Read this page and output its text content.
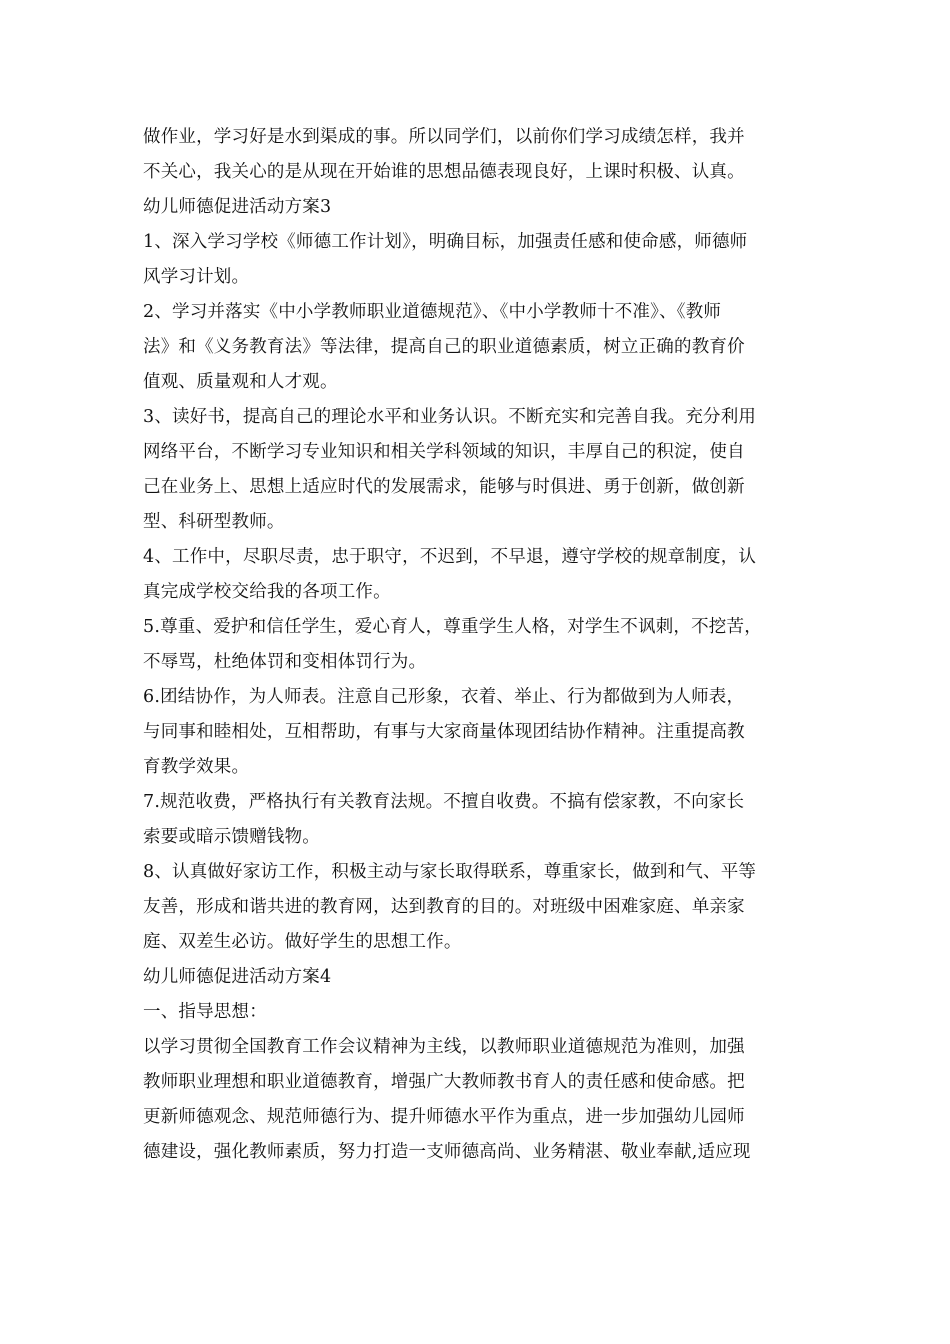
做作业，学习好是水到渠成的事。所以同学们，以前你们学习成绩怎样，我并
不关心，我关心的是从现在开始谁的思想品德表现良好，上课时积极、认真。
幼儿师德促进活动方案3
1、深入学习学校《师德工作计划》，明确目标，加强责任感和使命感，师德师
风学习计划。
2、学习并落实《中小学教师职业道德规范》、《中小学教师十不准》、《教师
法》和《义务教育法》等法律，提高自己的职业道德素质，树立正确的教育价
值观、质量观和人才观。
3、读好书，提高自己的理论水平和业务认识。不断充实和完善自我。充分利用
网络平台，不断学习专业知识和相关学科领域的知识，丰厚自己的积淀，使自
己在业务上、思想上适应时代的发展需求，能够与时俱进、勇于创新，做创新
型、科研型教师。
4、工作中，尽职尽责，忠于职守，不迟到，不早退，遵守学校的规章制度，认
真完成学校交给我的各项工作。
5.尊重、爱护和信任学生，爱心育人，尊重学生人格，对学生不讽刺，不挖苦，
不辱骂，杜绝体罚和变相体罚行为。
6.团结协作，为人师表。注意自己形象，衣着、举止、行为都做到为人师表，
与同事和睦相处，互相帮助，有事与大家商量体现团结协作精神。注重提高教
育教学效果。
7.规范收费，严格执行有关教育法规。不擅自收费。不搞有偿家教，不向家长
索要或暗示馈赠钱物。
8、认真做好家访工作，积极主动与家长取得联系，尊重家长，做到和气、平等
友善，形成和谐共进的教育网，达到教育的目的。对班级中困难家庭、单亲家
庭、双差生必访。做好学生的思想工作。
幼儿师德促进活动方案4
一、指导思想：
以学习贯彻全国教育工作会议精神为主线，以教师职业道德规范为准则，加强
教师职业理想和职业道德教育，增强广大教师教书育人的责任感和使命感。把
更新师德观念、规范师德行为、提升师德水平作为重点，进一步加强幼儿园师
德建设，强化教师素质，努力打造一支师德高尚、业务精湛、敬业奉献,适应现
